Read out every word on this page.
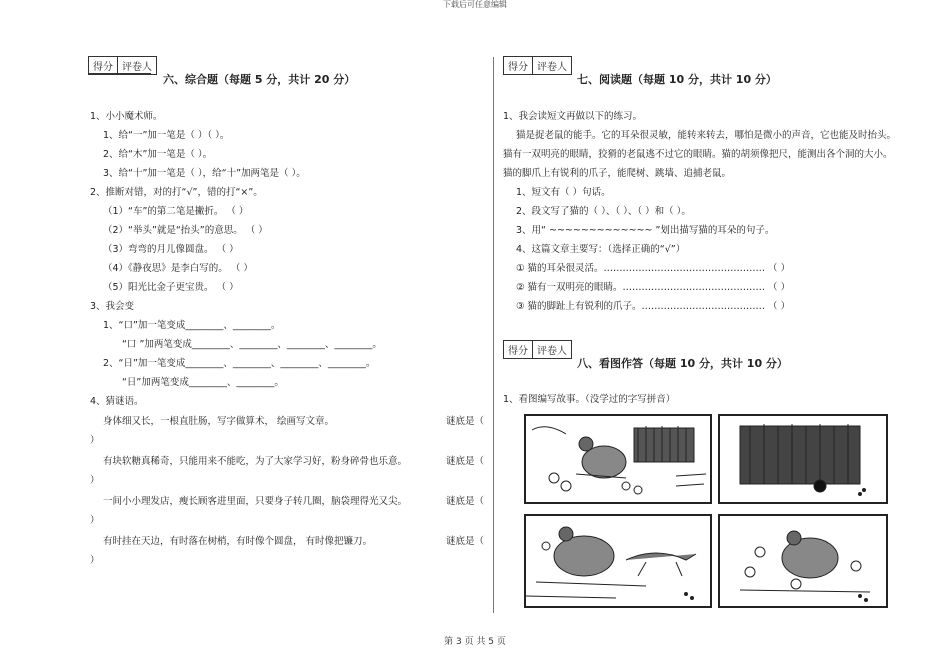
下载后可任意编辑
得分 评卷人
六、综合题（每题 5 分，共计 20 分）
1、小小魔术师。
1、给“一”加一笔是（ ）（ ）。
2、给“木”加一笔是（ ）。
3、给“十”加一笔是（ ），给“十”加两笔是（ ）。
2、推断对错，对的打“√”，错的打“×”。
（1）“车”的第二笔是撇折。 （ ）
（2）“举头”就是“抬头”的意思。 （ ）
（3）弯弯的月儿像圆盘。 （ ）
（4）《静夜思》是李白写的。 （ ）
（5）阳光比金子更宝贵。 （ ）
3、我会变
1、“口”加一笔变成________、________。
“口 ”加两笔变成________、________、________、________。
2、“日”加一笔变成________、________、________、________。
“日”加两笔变成________、________。
4、猜谜语。
身体细又长，一根直肚肠，写字做算术， 绘画写文章。	谜底是（
）
有块软糖真稀奇，只能用来不能吃，为了大家学习好，粉身碎骨也乐意。	谜底是（
）
一间小小理发店，瘦长顾客进里面，只要身子转几圈，脑袋理得光又尖。	谜底是（
）
有时挂在天边，有时落在树梢，有时像个圆盘， 有时像把镰刀。	谜底是（
）
得分 评卷人
七、阅读题（每题 10 分，共计 10 分）
得分 评卷人
八、看图作答（每题 10 分，共计 10 分）
1、我会读短文再做以下的练习。
猫是捉老鼠的能手。它的耳朵很灵敏，能转来转去，哪怕是微小的声音，它也能及时抬头。
猫有一双明亮的眼睛，狡猾的老鼠逃不过它的眼睛。猫的胡须像把尺，能测出各个洞的大小。
猫的脚爪上有锐利的爪子，能爬树、跳墙、追捕老鼠。
1、短文有（ ）句话。
2、段文写了猫的（ ）、（ ）、（ ）和（ ）。
3、用“ ~~~~~~~~~~~~~ ”划出描写猫的耳朵的句子。
4、这篇文章主要写：（选择正确的“√”）
① 猫的耳朵很灵活。…………………………………………… （ ）
② 猫有一双明亮的眼睛。……………………………………… （ ）
③ 猫的脚趾上有锐利的爪子。………………………………… （ ）
1、看图编写故事。（没学过的字写拼音）
第 3 页 共 5 页
